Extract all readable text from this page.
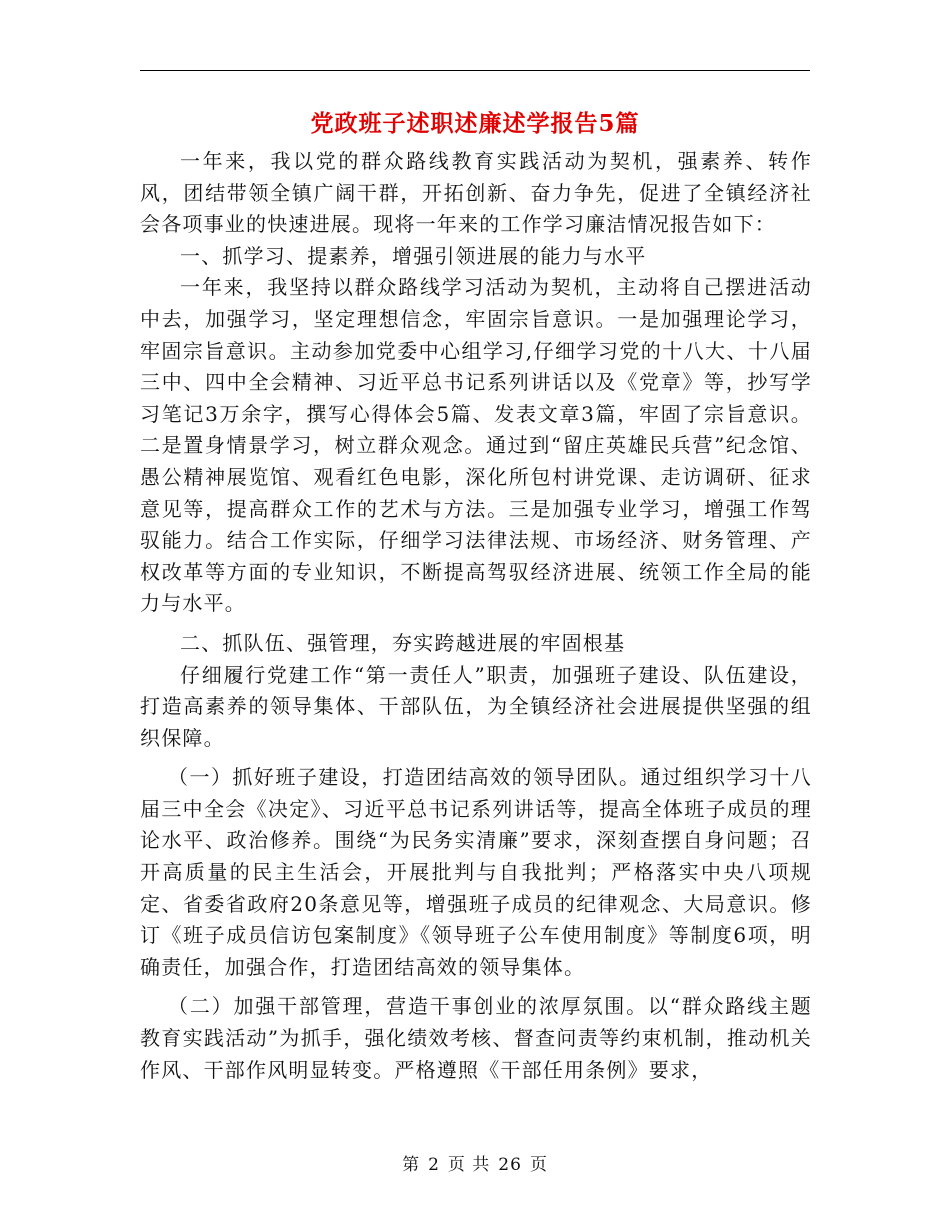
党政班子述职述廉述学报告5篇

一年来，我以党的群众路线教育实践活动为契机，强素养、转作风，团结带领全镇广阔干群，开拓创新、奋力争先，促进了全镇经济社会各项事业的快速进展。现将一年来的工作学习廉洁情况报告如下：

一、抓学习、提素养，增强引领进展的能力与水平

一年来，我坚持以群众路线学习活动为契机，主动将自己摆进活动中去，加强学习，坚定理想信念，牢固宗旨意识。一是加强理论学习，牢固宗旨意识。主动参加党委中心组学习,仔细学习党的十八大、十八届三中、四中全会精神、习近平总书记系列讲话以及《党章》等，抄写学习笔记3万余字，撰写心得体会5篇、发表文章3篇，牢固了宗旨意识。二是置身情景学习，树立群众观念。通过到“留庄英雄民兵营”纪念馆、愚公精神展览馆、观看红色电影，深化所包村讲党课、走访调研、征求意见等，提高群众工作的艺术与方法。三是加强专业学习，增强工作驾驭能力。结合工作实际，仔细学习法律法规、市场经济、财务管理、产权改革等方面的专业知识，不断提高驾驭经济进展、统领工作全局的能力与水平。

二、抓队伍、强管理，夯实跨越进展的牢固根基

仔细履行党建工作“第一责任人”职责，加强班子建设、队伍建设，打造高素养的领导集体、干部队伍，为全镇经济社会进展提供坚强的组织保障。

（一）抓好班子建设，打造团结高效的领导团队。通过组织学习十八届三中全会《决定》、习近平总书记系列讲话等，提高全体班子成员的理论水平、政治修养。围绕“为民务实清廉”要求，深刻查摆自身问题；召开高质量的民主生活会，开展批判与自我批判；严格落实中央八项规定、省委省政府20条意见等，增强班子成员的纪律观念、大局意识。修订《班子成员信访包案制度》《领导班子公车使用制度》等制度6项，明确责任，加强合作，打造团结高效的领导集体。

（二）加强干部管理，营造干事创业的浓厚氛围。以“群众路线主题教育实践活动”为抓手，强化绩效考核、督查问责等约束机制，推动机关作风、干部作风明显转变。严格遵照《干部任用条例》要求，

第 2 页 共 26 页
